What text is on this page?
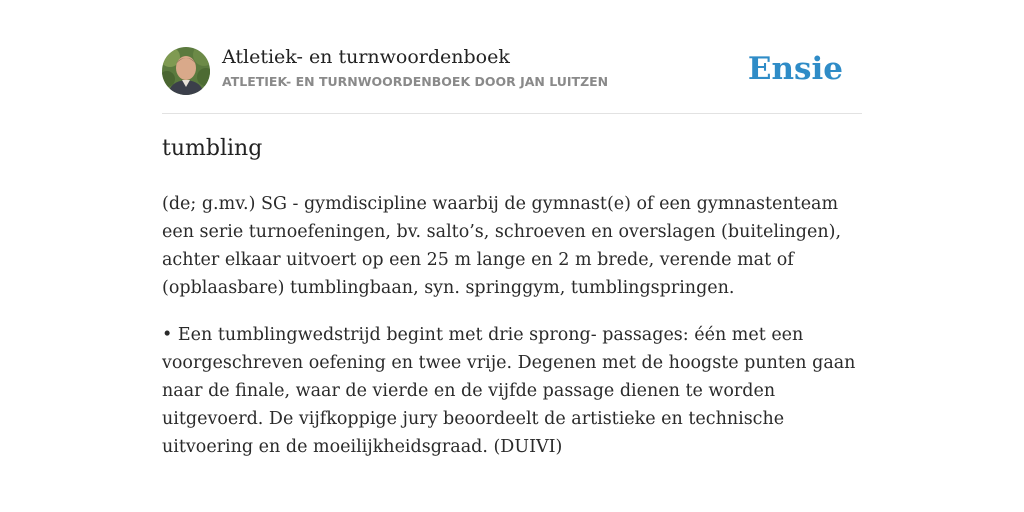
Atletiek- en turnwoordenboek
ATLETIEK- EN TURNWOORDENBOEK DOOR JAN LUITZEN	Ensie
tumbling

(de; g.mv.) SG - gymdiscipline waarbij de gymnast(e) of een gymnastenteam een serie turnoefeningen, bv. salto’s, schroeven en overslagen (buitelingen), achter elkaar uitvoert op een 25 m lange en 2 m brede, verende mat of (opblaasbare) tumblingbaan, syn. springgym, tumblingspringen.

• Een tumblingwedstrijd begint met drie sprong- passages: één met een voorgeschreven oefening en twee vrije. Degenen met de hoogste punten gaan naar de finale, waar de vierde en de vijfde passage dienen te worden uitgevoerd. De vijfkoppige jury beoordeelt de artistieke en technische uitvoering en de moeilijkheidsgraad. (DUIVI)
